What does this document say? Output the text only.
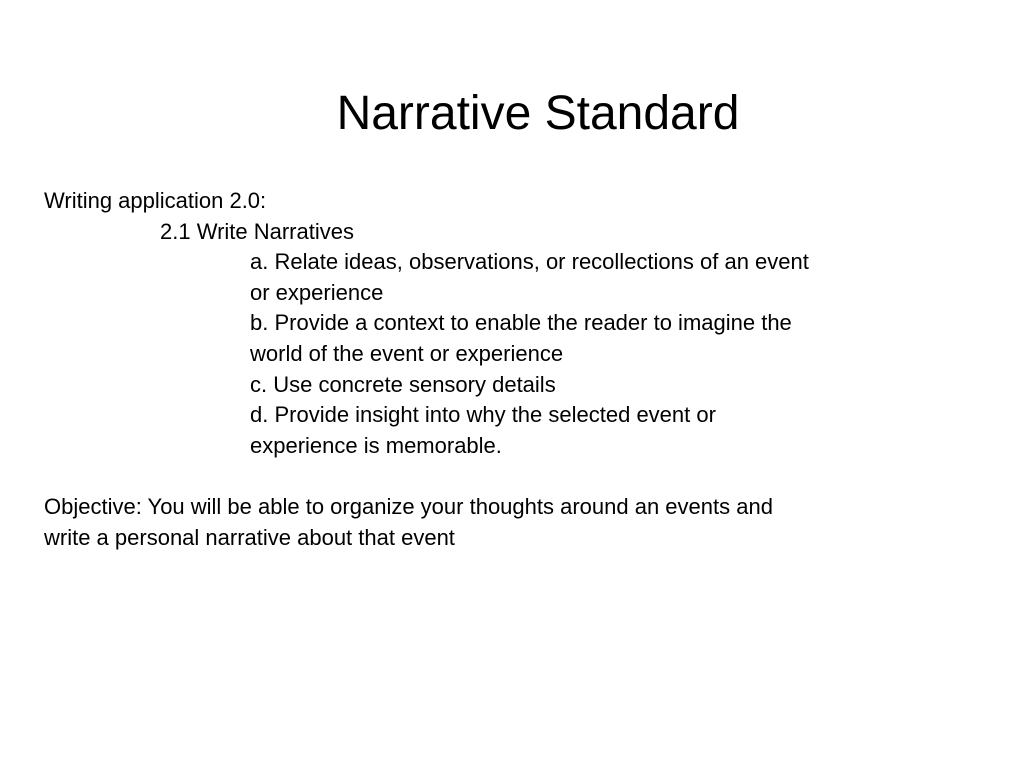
Narrative Standard
Writing application 2.0:
2.1 Write Narratives
a. Relate ideas, observations, or recollections of an event
or experience
b. Provide a context to enable the reader to imagine the
world of the event or experience
c. Use concrete sensory details
d. Provide insight into why the selected event or
experience is memorable.
Objective: You will be able to organize your thoughts around an events and
write a personal narrative about that event
